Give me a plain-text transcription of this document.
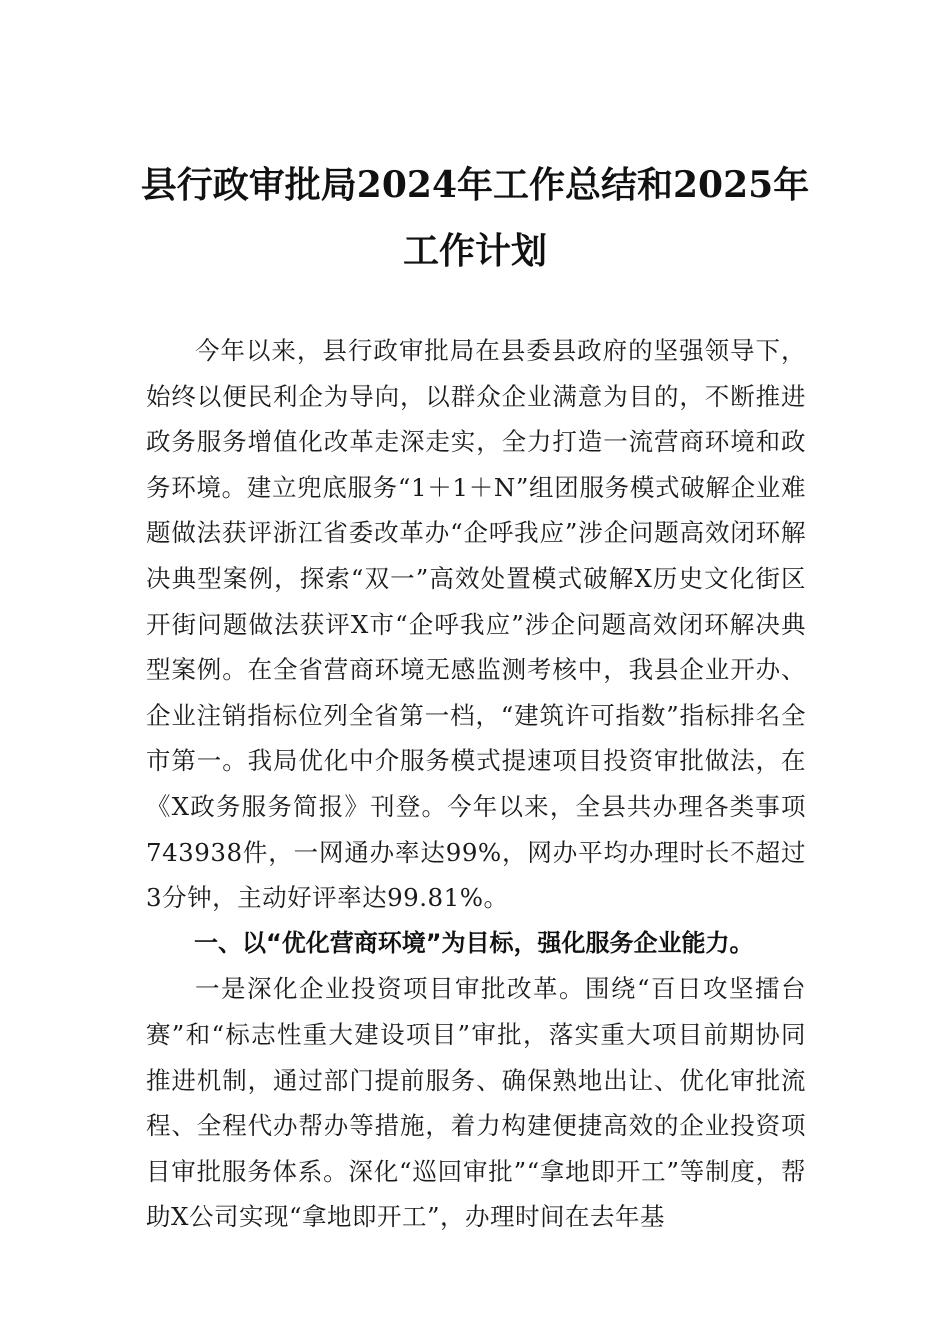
县行政审批局2024年工作总结和2025年工作计划

今年以来，县行政审批局在县委县政府的坚强领导下，始终以便民利企为导向，以群众企业满意为目的，不断推进政务服务增值化改革走深走实，全力打造一流营商环境和政务环境。建立兜底服务“1＋1＋N”组团服务模式破解企业难题做法获评浙江省委改革办“企呼我应”涉企问题高效闭环解决典型案例，探索“双一”高效处置模式破解X历史文化街区开街问题做法获评X市“企呼我应”涉企问题高效闭环解决典型案例。在全省营商环境无感监测考核中，我县企业开办、企业注销指标位列全省第一档，“建筑许可指数”指标排名全市第一。我局优化中介服务模式提速项目投资审批做法，在《X政务服务简报》刊登。今年以来，全县共办理各类事项743938件，一网通办率达99%，网办平均办理时长不超过3分钟，主动好评率达99.81%。

一、以“优化营商环境”为目标，强化服务企业能力。

一是深化企业投资项目审批改革。围绕“百日攻坚擂台赛”和“标志性重大建设项目”审批，落实重大项目前期协同推进机制，通过部门提前服务、确保熟地出让、优化审批流程、全程代办帮办等措施，着力构建便捷高效的企业投资项目审批服务体系。深化“巡回审批”“拿地即开工”等制度，帮助X公司实现“拿地即开工”，办理时间在去年基
